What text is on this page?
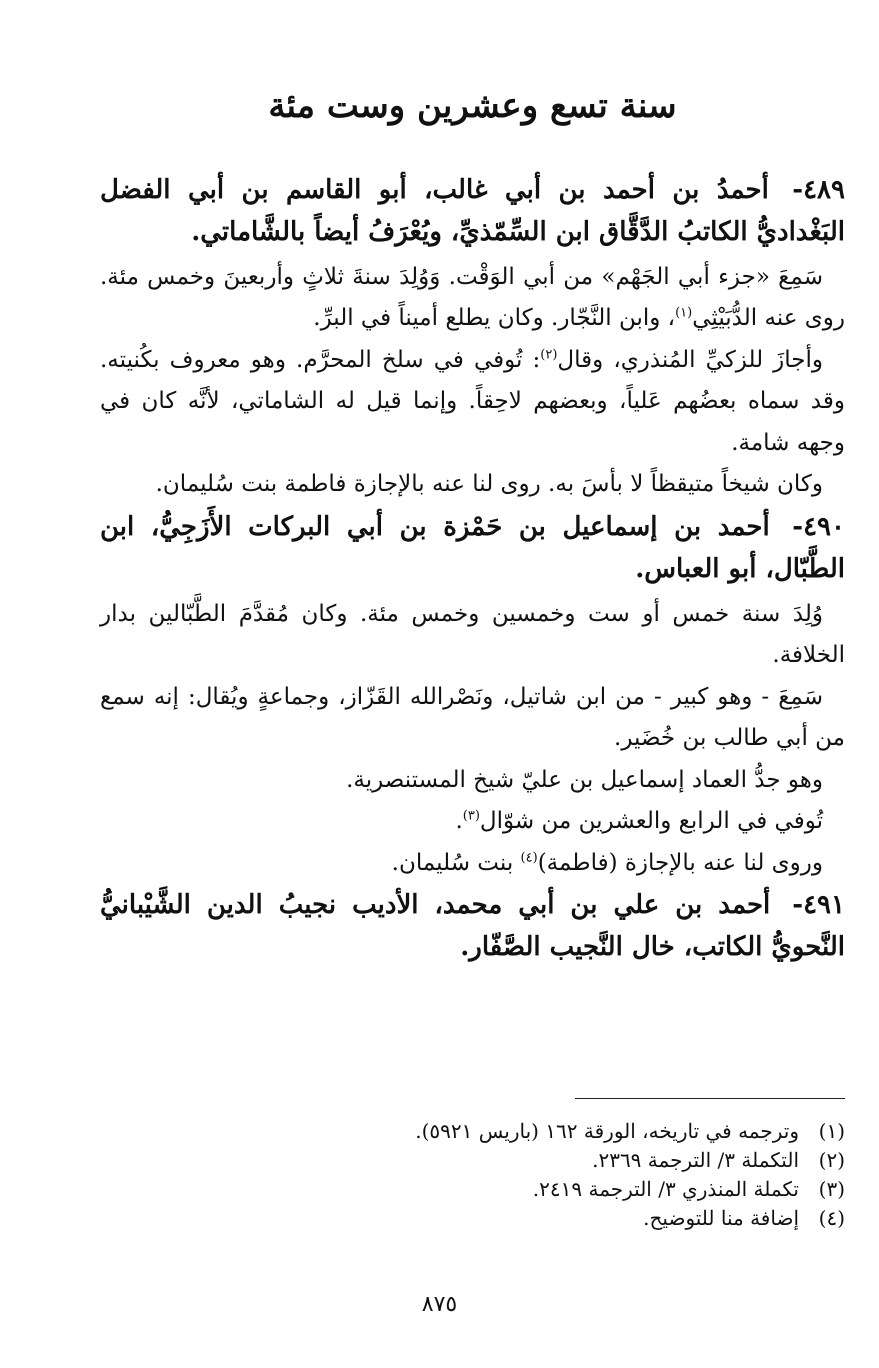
سنة تسع وعشرين وست مئة
٤٨٩- أحمدُ بن أحمد بن أبي غالب، أبو القاسم بن أبي الفضل البَغْداديُّ الكاتبُ الدَّقَّاق ابن السِّمّذيِّ، ويُعْرَفُ أيضاً بالشَّاماتي.

سَمِعَ «جزء أبي الجَهْم» من أبي الوَقْت. وَوُلِدَ سنةَ ثلاثٍ وأربعينَ وخمس مئة. روى عنه الدُّبَيْثِي$^{(١)}$، وابن النَّجّار. وكان يطلع أميناً في البرِّ.

وأجازَ للزكيِّ المُنذري، وقال$^{(٢)}$: تُوفي في سلخ المحرَّم. وهو معروف بكُنيته. وقد سماه بعضُهم عَلياً، وبعضهم لاحِقاً. وإنما قيل له الشاماتي، لأنَّه كان في وجهه شامة.

وكان شيخاً متيقظاً لا بأسَ به. روى لنا عنه بالإجازة فاطمة بنت سُليمان.

٤٩٠- أحمد بن إسماعيل بن حَمْزة بن أبي البركات الأَزَجِيُّ، ابن الطَّبّال، أبو العباس.

وُلِدَ سنة خمس أو ست وخمسين وخمس مئة. وكان مُقدَّمَ الطَّبّالين بدار الخلافة.

سَمِعَ - وهو كبير - من ابن شاتيل، ونَصْرالله القَزّاز، وجماعةٍ ويُقال: إنه سمع من أبي طالب بن خُضَير.

وهو جدُّ العماد إسماعيل بن عليّ شيخ المستنصرية.

تُوفي في الرابع والعشرين من شوّال$^{(٣)}$.

وروى لنا عنه بالإجازة (فاطمة)$^{(٤)}$ بنت سُليمان.

٤٩١- أحمد بن علي بن أبي محمد، الأديب نجيبُ الدين الشَّيْبانيُّ النَّحويُّ الكاتب، خال النَّجيب الصَّفّار.
(١)
وترجمه في تاريخه، الورقة ١٦٢ (باريس ٥٩٢١).
(٢)
التكملة ٣/ الترجمة ٢٣٦٩.
(٣)
تكملة المنذري ٣/ الترجمة ٢٤١٩.
(٤)
إضافة منا للتوضيح.
٨٧٥
